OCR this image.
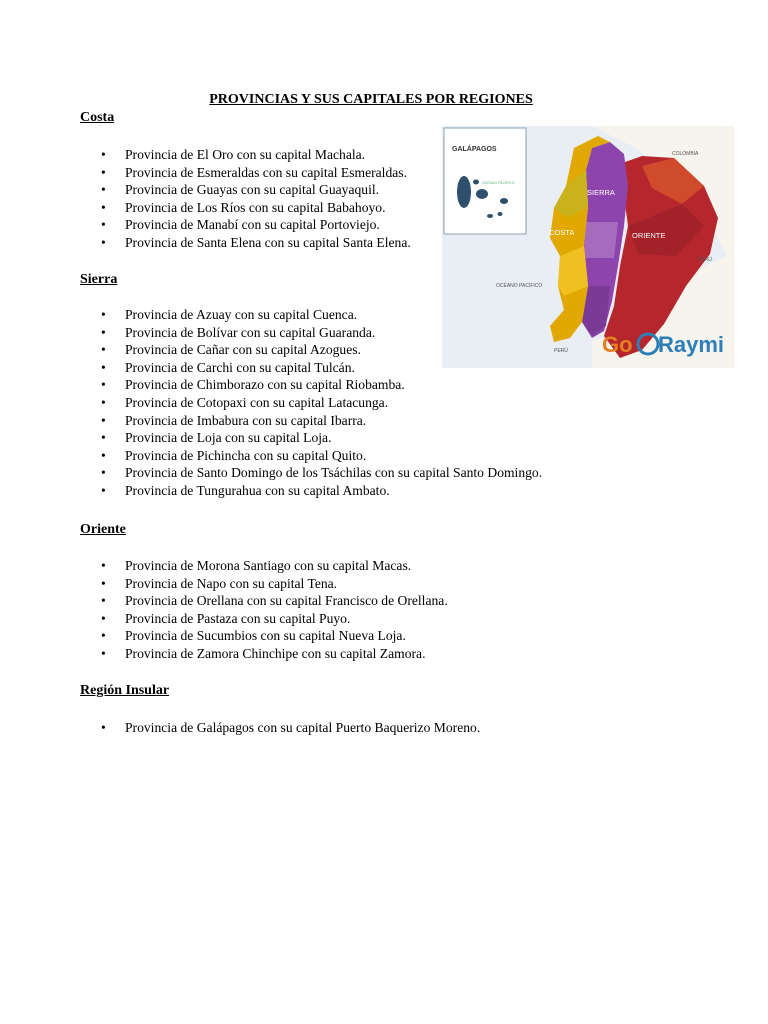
PROVINCIAS Y SUS CAPITALES POR REGIONES
Costa
• Provincia de El Oro con su capital Machala.
• Provincia de Esmeraldas con su capital Esmeraldas.
• Provincia de Guayas con su capital Guayaquil.
• Provincia de Los Ríos con su capital Babahoyo.
• Provincia de Manabí con su capital Portoviejo.
• Provincia de Santa Elena con su capital Santa Elena.
Sierra
• Provincia de Azuay con su capital Cuenca.
• Provincia de Bolívar con su capital Guaranda.
• Provincia de Cañar con su capital Azogues.
• Provincia de Carchi con su capital Tulcán.
• Provincia de Chimborazo con su capital Riobamba.
• Provincia de Cotopaxi con su capital Latacunga.
• Provincia de Imbabura con su capital Ibarra.
• Provincia de Loja con su capital Loja.
• Provincia de Pichincha con su capital Quito.
• Provincia de Santo Domingo de los Tsáchilas con su capital Santo Domingo.
• Provincia de Tungurahua con su capital Ambato.
Oriente
• Provincia de Morona Santiago con su capital Macas.
• Provincia de Napo con su capital Tena.
• Provincia de Orellana con su capital Francisco de Orellana.
• Provincia de Pastaza con su capital Puyo.
• Provincia de Sucumbios con su capital Nueva Loja.
• Provincia de Zamora Chinchipe con su capital Zamora.
Región Insular
• Provincia de Galápagos con su capital Puerto Baquerizo Moreno.
GALÁPAGOS
OCÉANO PACÍFICO
SIERRA
COSTA	ORIENTE
COLOMBIA
PERÚ
OCÉANO PACÍFICO
PERÚ Go Raymi
